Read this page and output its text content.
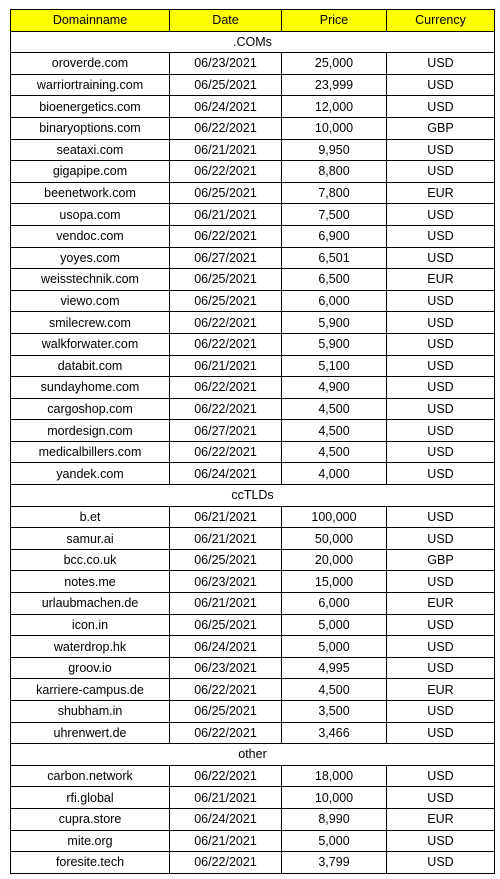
Domainname	Date	Price	Currency
.COMs			
oroverde.com	06/23/2021	25,000	USD
warriortraining.com	06/25/2021	23,999	USD
bioenergetics.com	06/24/2021	12,000	USD
binaryoptions.com	06/22/2021	10,000	GBP
seataxi.com	06/21/2021	9,950	USD
gigapipe.com	06/22/2021	8,800	USD
beenetwork.com	06/25/2021	7,800	EUR
usopa.com	06/21/2021	7,500	USD
vendoc.com	06/22/2021	6,900	USD
yoyes.com	06/27/2021	6,501	USD
weisstechnik.com	06/25/2021	6,500	EUR
viewo.com	06/25/2021	6,000	USD
smilecrew.com	06/22/2021	5,900	USD
walkforwater.com	06/22/2021	5,900	USD
databit.com	06/21/2021	5,100	USD
sundayhome.com	06/22/2021	4,900	USD
cargoshop.com	06/22/2021	4,500	USD
mordesign.com	06/27/2021	4,500	USD
medicalbillers.com	06/22/2021	4,500	USD
yandek.com	06/24/2021	4,000	USD
ccTLDs			
b.et	06/21/2021	100,000	USD
samur.ai	06/21/2021	50,000	USD
bcc.co.uk	06/25/2021	20,000	GBP
notes.me	06/23/2021	15,000	USD
urlaubmachen.de	06/21/2021	6,000	EUR
icon.in	06/25/2021	5,000	USD
waterdrop.hk	06/24/2021	5,000	USD
groov.io	06/23/2021	4,995	USD
karriere-campus.de	06/22/2021	4,500	EUR
shubham.in	06/25/2021	3,500	USD
uhrenwert.de	06/22/2021	3,466	USD
other			
carbon.network	06/22/2021	18,000	USD
rfi.global	06/21/2021	10,000	USD
cupra.store	06/24/2021	8,990	EUR
mite.org	06/21/2021	5,000	USD
foresite.tech	06/22/2021	3,799	USD
